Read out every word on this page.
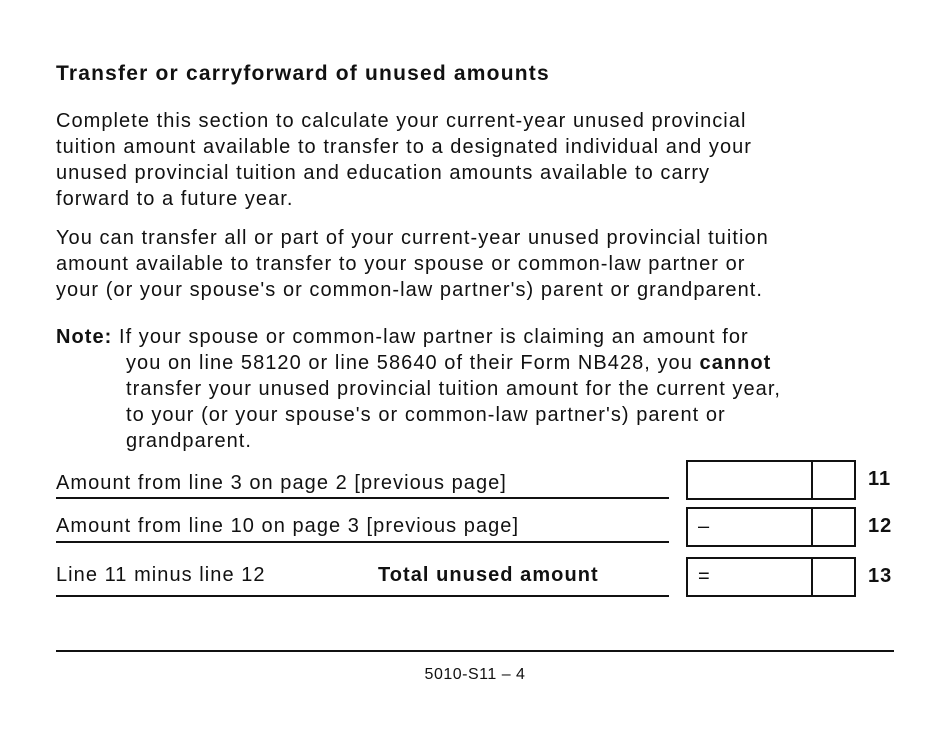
Transfer or carryforward of unused amounts
Complete this section to calculate your current-year unused provincial
tuition amount available to transfer to a designated individual and your
unused provincial tuition and education amounts available to carry
forward to a future year.
You can transfer all or part of your current-year unused provincial tuition
amount available to transfer to your spouse or common-law partner or
your (or your spouse's or common-law partner's) parent or grandparent.
Note: If your spouse or common-law partner is claiming an amount for
you on line 58120 or line 58640 of their Form NB428, you cannot
transfer your unused provincial tuition amount for the current year,
to your (or your spouse's or common-law partner's) parent or
grandparent.
Amount from line 3 on page 2 [previous page]	11
Amount from line 10 on page 3 [previous page]	–	12
Line 11 minus line 12	Total unused amount	=	13
5010-S11 – 4
